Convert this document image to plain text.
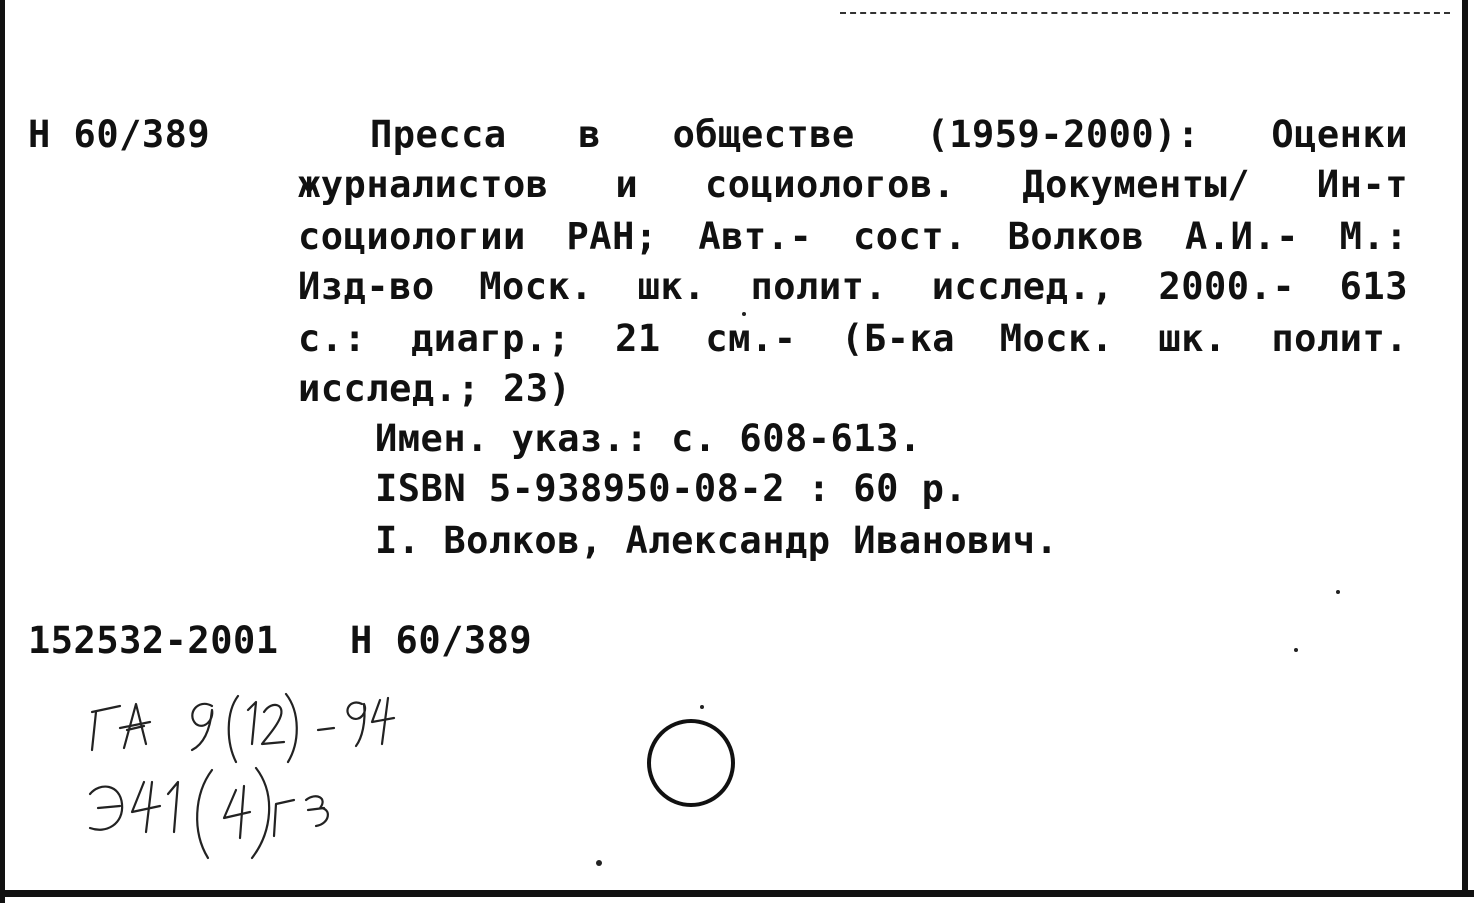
Н 60/389	Пресса в обществе (1959-2000): Оценки
журналистов и социологов. Документы/ Ин-т
социологии РАН; Авт.- сост. Волков А.И.- М.:
Изд-во Моск. шк. полит. исслед., 2000.- 613
с.: диагр.; 21 см.- (Б-ка Моск. шк. полит.
исслед.; 23)
Имен. указ.: с. 608-613.
ISBN 5-938950-08-2 : 60 р.
I. Волков, Александр Иванович.
152532-2001 Н 60/389
